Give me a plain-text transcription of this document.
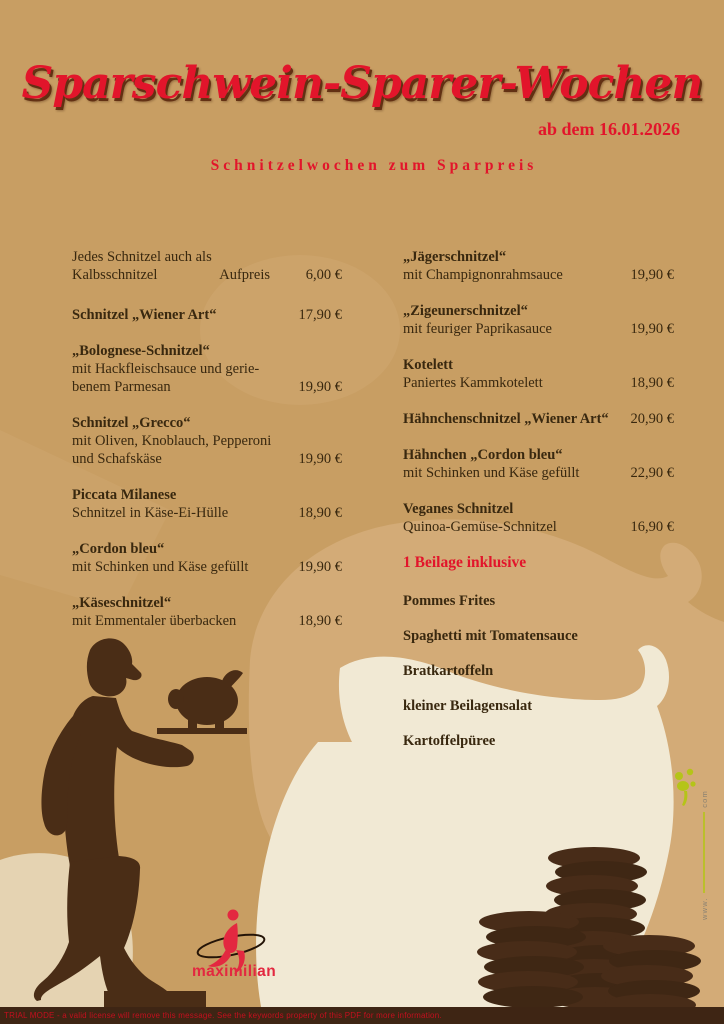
Sparschwein-Sparer-Wochen
ab dem 16.01.2026
Schnitzelwochen zum Sparpreis
Jedes Schnitzel auch als
Kalbsschnitzel	Aufpreis	6,00 €
Schnitzel „Wiener Art“	17,90 €
„Bolognese-Schnitzel“
mit Hackfleischsauce und gerie-
benem Parmesan	19,90 €
Schnitzel „Grecco“
mit Oliven, Knoblauch, Pepperoni
und Schafskäse	19,90 €
Piccata Milanese
Schnitzel in Käse-Ei-Hülle	18,90 €
„Cordon bleu“
mit Schinken und Käse gefüllt	19,90 €
„Käseschnitzel“
mit Emmentaler überbacken	18,90 €
„Jägerschnitzel“
mit Champignonrahmsauce	19,90 €
„Zigeunerschnitzel“
mit feuriger Paprikasauce	19,90 €
Kotelett
Paniertes Kammkotelett	18,90 €
Hähnchenschnitzel „Wiener Art“ 20,90 €
Hähnchen „Cordon bleu“
mit Schinken und Käse gefüllt	22,90 €
Veganes Schnitzel
Quinoa-Gemüse-Schnitzel	16,90 €
1 Beilage inklusive
Pommes Frites
Spaghetti mit Tomatensauce
Bratkartoffeln
kleiner Beilagensalat
Kartoffelpüree
maximilian
www.
com
TRIAL MODE - a valid license will remove this message. See the keywords property of this PDF for more information.
